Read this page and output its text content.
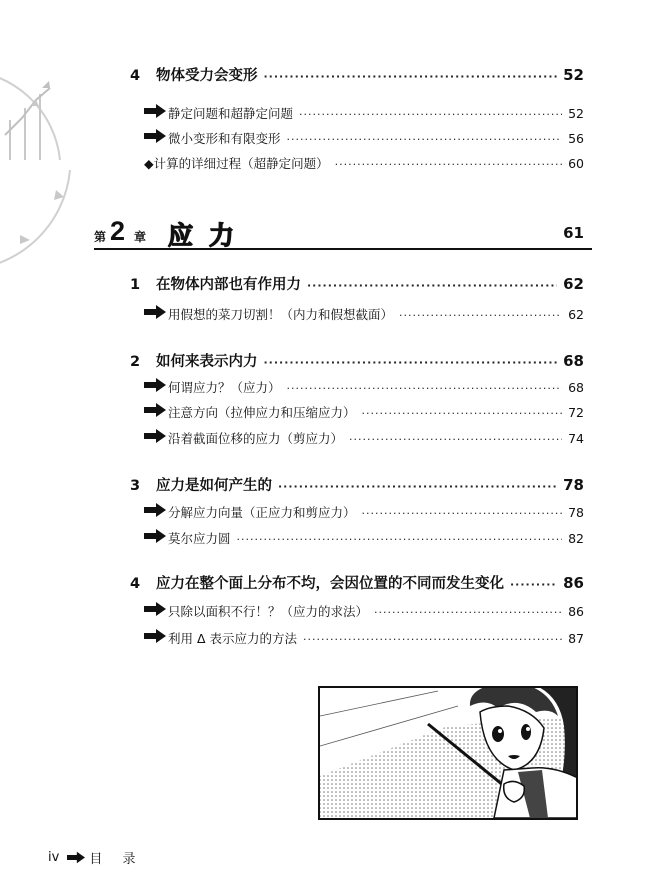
4	物体受力会变形 ·····	52
静定问题和超静定问题 ·····	52
微小变形和有限变形 ·····	56
◆计算的详细过程（超静定问题） ·····	60
第 2 章 应力	61
1	在物体内部也有作用力 ·····	62
用假想的菜刀切割！（内力和假想截面） ·····	62
2	如何来表示内力 ·····	68
何谓应力？（应力） ·····	68
注意方向（拉伸应力和压缩应力） ·····	72
沿着截面位移的应力（剪应力） ·····	74
3	应力是如何产生的 ·····	78
分解应力向量（正应力和剪应力） ·····	78
莫尔应力圆 ·····	82
4	应力在整个面上分布不均，会因位置的不同而发生变化 ·····	86
只除以面积不行！？（应力的求法） ·····	86
利用 Δ 表示应力的方法 ·····	87
iv 目 录
